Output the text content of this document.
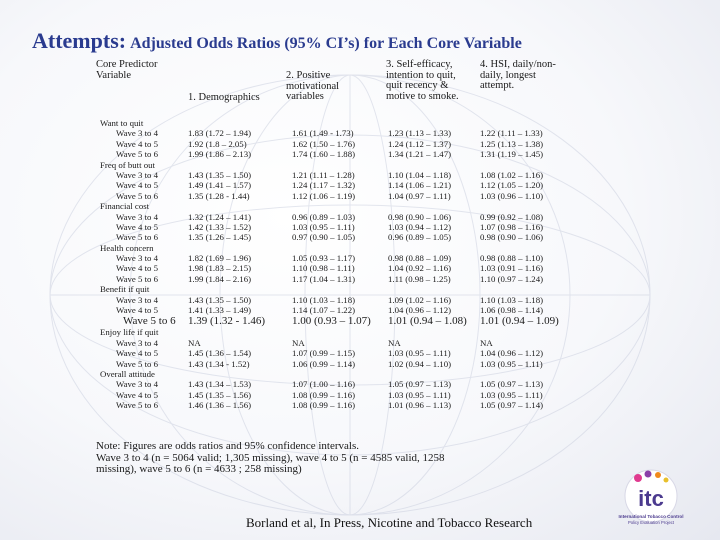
Attempts: Adjusted Odds Ratios (95% CI’s) for Each Core Variable
Core Predictor
Variable
1. Demographics
2. Positive
motivational
variables
3. Self-efficacy,
intention to quit,
quit recency &
motive to smoke.
4. HSI, daily/non-
daily, longest
attempt.
Want to quit
Wave 3 to 4	1.83 (1.72 – 1.94)	1.61 (1.49 - 1.73)	1.23 (1.13 – 1.33)	1.22 (1.11 – 1.33)
Wave 4 to 5	1.92 (1.8 – 2.05)	1.62 (1.50 – 1.76)	1.24 (1.12 – 1.37)	1.25 (1.13 – 1.38)
Wave 5 to 6	1.99 (1.86 – 2.13)	1.74 (1.60 – 1.88)	1.34 (1.21 – 1.47)	1.31 (1.19 – 1.45)
Freq of butt out
Wave 3 to 4	1.43 (1.35 – 1.50)	1.21 (1.11 – 1.28)	1.10 (1.04 – 1.18)	1.08 (1.02 – 1.16)
Wave 4 to 5	1.49 (1.41 – 1.57)	1.24 (1.17 – 1.32)	1.14 (1.06 – 1.21)	1.12 (1.05 – 1.20)
Wave 5 to 6	1.35 (1.28 - 1.44)	1.12 (1.06 – 1.19)	1.04 (0.97 – 1.11)	1.03 (0.96 – 1.10)
Financial cost
Wave 3 to 4	1.32 (1.24 – 1.41)	0.96 (0.89 – 1.03)	0.98 (0.90 – 1.06)	0.99 (0.92 – 1.08)
Wave 4 to 5	1.42 (1.33 – 1.52)	1.03 (0.95 – 1.11)	1.03 (0.94 – 1.12)	1.07 (0.98 – 1.16)
Wave 5 to 6	1.35 (1.26 – 1.45)	0.97 (0.90 – 1.05)	0.96 (0.89 – 1.05)	0.98 (0.90 – 1.06)
Health concern
Wave 3 to 4	1.82 (1.69 – 1.96)	1.05 (0.93 – 1.17)	0.98 (0.88 – 1.09)	0.98 (0.88 – 1.10)
Wave 4 to 5	1.98 (1.83 – 2.15)	1.10 (0.98 – 1.11)	1.04 (0.92 – 1.16)	1.03 (0.91 – 1.16)
Wave 5 to 6	1.99 (1.84 – 2.16)	1.17 (1.04 – 1.31)	1.11 (0.98 – 1.25)	1.10 (0.97 – 1.24)
Benefit if quit
Wave 3 to 4	1.43 (1.35 – 1.50)	1.10 (1.03 – 1.18)	1.09 (1.02 – 1.16)	1.10 (1.03 – 1.18)
Wave 4 to 5	1.41 (1.33 – 1.49)	1.14 (1.07 – 1.22)	1.04 (0.96 – 1.12)	1.06 (0.98 – 1.14)
Wave 5 to 6 1.39 (1.32 - 1.46) 1.00 (0.93 – 1.07) 1.01 (0.94 – 1.08) 1.01 (0.94 – 1.09)
Enjoy life if quit
Wave 3 to 4	NA	NA	NA	NA
Wave 4 to 5	1.45 (1.36 – 1.54)	1.07 (0.99 – 1.15)	1.03 (0.95 – 1.11)	1.04 (0.96 – 1.12)
Wave 5 to 6	1.43 (1.34 - 1.52)	1.06 (0.99 – 1.14)	1.02 (0.94 – 1.10)	1.03 (0.95 – 1.11)
Overall attitude
Wave 3 to 4	1.43 (1.34 – 1.53)	1.07 (1.00 – 1.16)	1.05 (0.97 – 1.13)	1.05 (0.97 – 1.13)
Wave 4 to 5	1.45 (1.35 – 1.56)	1.08 (0.99 – 1.16)	1.03 (0.95 – 1.11)	1.03 (0.95 – 1.11)
Wave 5 to 6	1.46 (1.36 – 1.56)	1.08 (0.99 – 1.16)	1.01 (0.96 – 1.13)	1.05 (0.97 – 1.14)
Note: Figures are odds ratios and 95% confidence intervals.
Wave 3 to 4 (n = 5064 valid; 1,305 missing), wave 4 to 5 (n = 4585 valid, 1258
missing), wave 5 to 6 (n = 4633 ; 258 missing)
Borland et al, In Press, Nicotine and Tobacco Research
itc
International Tobacco Control
Policy Evaluation Project
